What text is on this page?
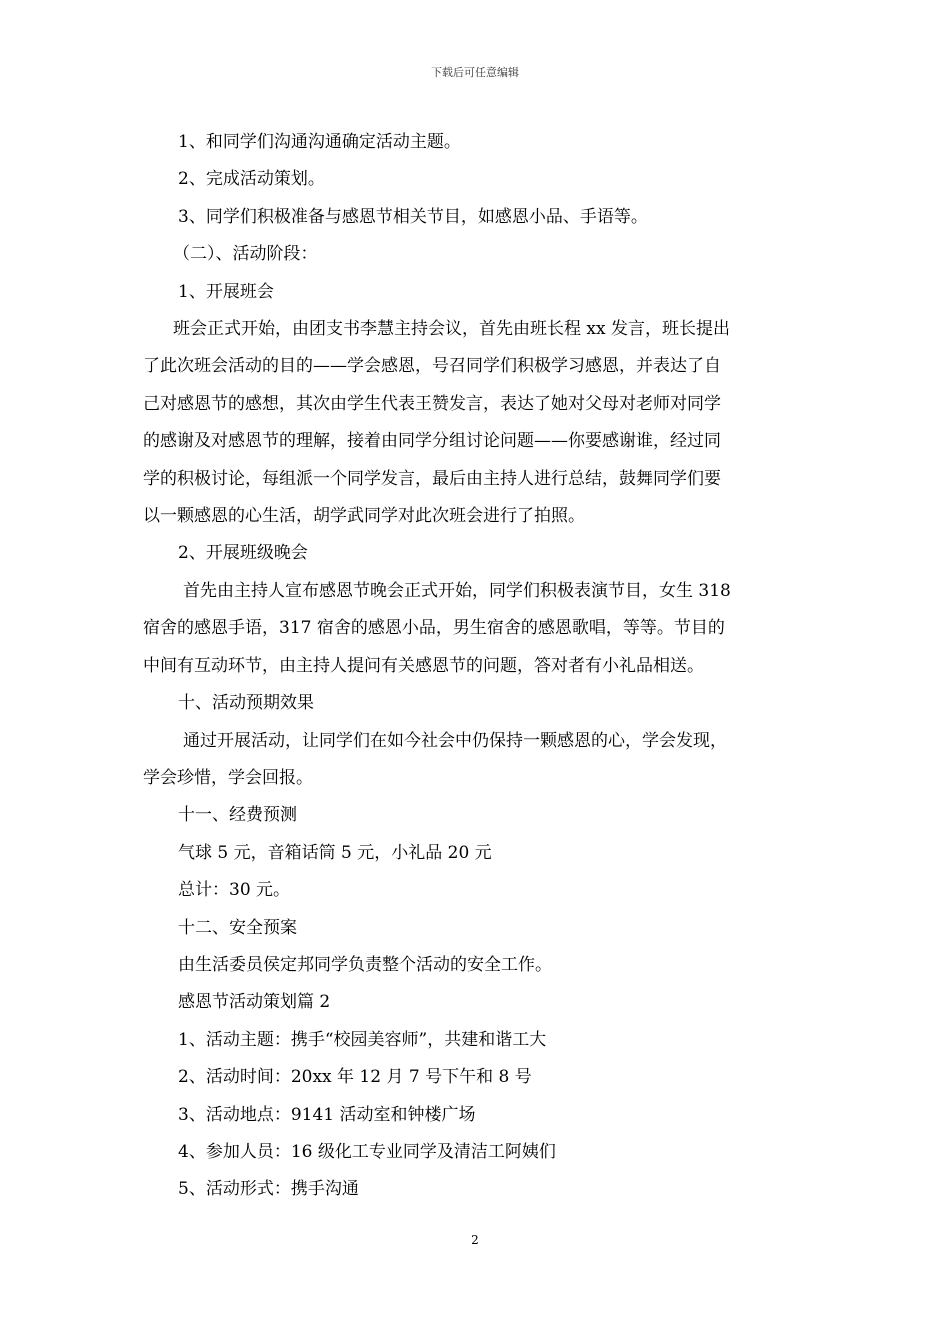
下载后可任意编辑
1、和同学们沟通沟通确定活动主题。
2、完成活动策划。
3、同学们积极准备与感恩节相关节目，如感恩小品、手语等。
（二）、活动阶段：
1、开展班会
班会正式开始，由团支书李慧主持会议，首先由班长程 xx 发言，班长提出
了此次班会活动的目的——学会感恩，号召同学们积极学习感恩，并表达了自
己对感恩节的感想，其次由学生代表王赞发言，表达了她对父母对老师对同学
的感谢及对感恩节的理解，接着由同学分组讨论问题——你要感谢谁，经过同
学的积极讨论，每组派一个同学发言，最后由主持人进行总结，鼓舞同学们要
以一颗感恩的心生活，胡学武同学对此次班会进行了拍照。
2、开展班级晚会
首先由主持人宣布感恩节晚会正式开始，同学们积极表演节目，女生 318
宿舍的感恩手语，317 宿舍的感恩小品，男生宿舍的感恩歌唱，等等。节目的
中间有互动环节，由主持人提问有关感恩节的问题，答对者有小礼品相送。
十、活动预期效果
通过开展活动，让同学们在如今社会中仍保持一颗感恩的心，学会发现，
学会珍惜，学会回报。
十一、经费预测
气球 5 元，音箱话筒 5 元，小礼品 20 元
总计：30 元。
十二、安全预案
由生活委员侯定邦同学负责整个活动的安全工作。
感恩节活动策划篇 2
1、活动主题：携手“校园美容师”，共建和谐工大
2、活动时间：20xx 年 12 月 7 号下午和 8 号
3、活动地点：9141 活动室和钟楼广场
4、参加人员：16 级化工专业同学及清洁工阿姨们
5、活动形式：携手沟通
2
